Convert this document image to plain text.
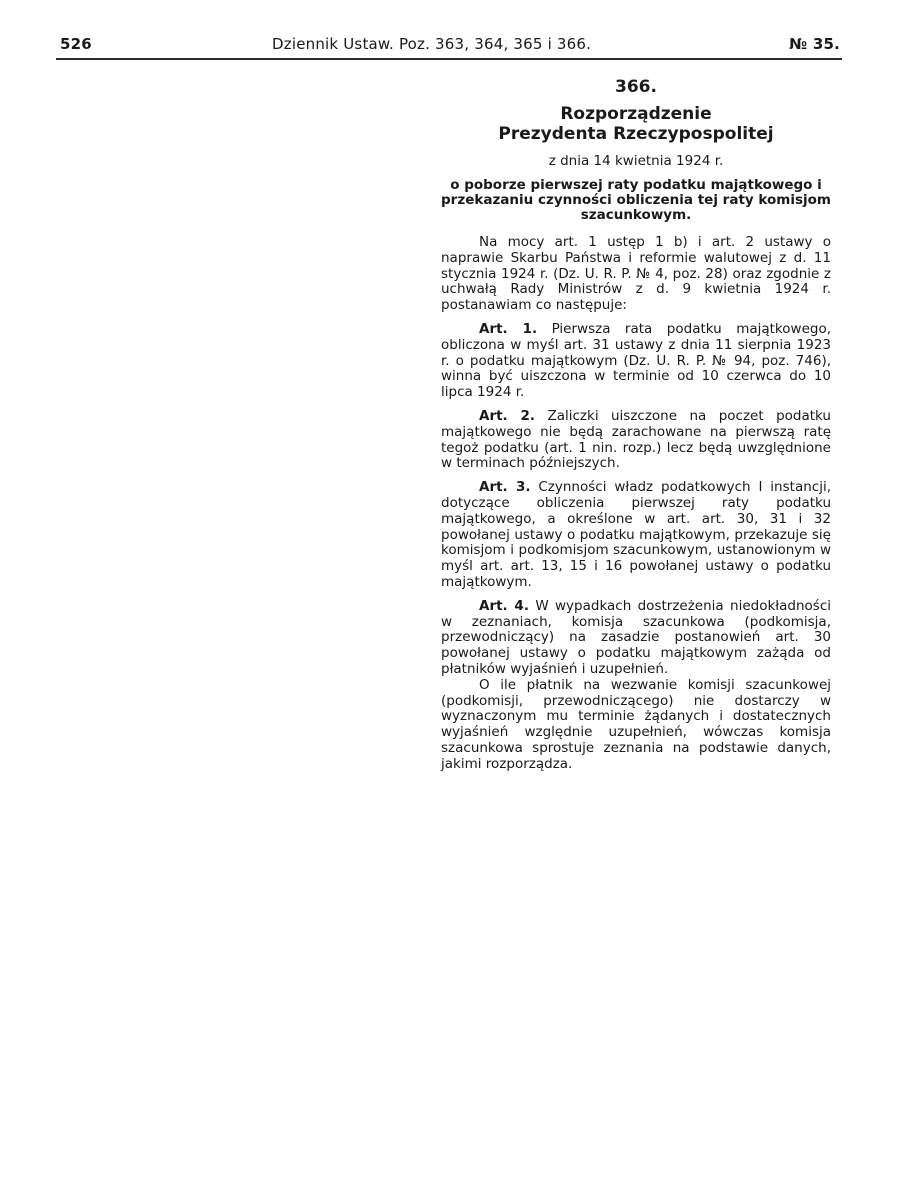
526	Dziennik Ustaw. Poz. 363, 364, 365 i 366.	№ 35.
366.
Rozporządzenie
Prezydenta Rzeczypospolitej
z dnia 14 kwietnia 1924 r.
o poborze pierwszej raty podatku majątkowego i przekazaniu czynności obliczenia tej raty komisjom szacunkowym.

Na mocy art. 1 ustęp 1 b) i art. 2 ustawy o naprawie Skarbu Państwa i reformie walutowej z d. 11 stycznia 1924 r. (Dz. U. R. P. № 4, poz. 28) oraz zgodnie z uchwałą Rady Ministrów z d. 9 kwietnia 1924 r. postanawiam co następuje:

Art. 1. Pierwsza rata podatku majątkowego, obliczona w myśl art. 31 ustawy z dnia 11 sierpnia 1923 r. o podatku majątkowym (Dz. U. R. P. № 94, poz. 746), winna być uiszczona w terminie od 10 czerwca do 10 lipca 1924 r.

Art. 2. Zaliczki uiszczone na poczet podatku majątkowego nie będą zarachowane na pierwszą ratę tegoż podatku (art. 1 nin. rozp.) lecz będą uwzględnione w terminach późniejszych.

Art. 3. Czynności władz podatkowych I instancji, dotyczące obliczenia pierwszej raty podatku majątkowego, a określone w art. art. 30, 31 i 32 powołanej ustawy o podatku majątkowym, przekazuje się komisjom i podkomisjom szacunkowym, ustanowionym w myśl art. art. 13, 15 i 16 powołanej ustawy o podatku majątkowym.

Art. 4. W wypadkach dostrzeżenia niedokładności w zeznaniach, komisja szacunkowa (podkomisja, przewodniczący) na zasadzie postanowień art. 30 powołanej ustawy o podatku majątkowym zażąda od płatników wyjaśnień i uzupełnień.

O ile płatnik na wezwanie komisji szacunkowej (podkomisji, przewodniczącego) nie dostarczy w wyznaczonym mu terminie żądanych i dostatecznych wyjaśnień względnie uzupełnień, wówczas komisja szacunkowa sprostuje zeznania na podstawie danych, jakimi rozporządza.
